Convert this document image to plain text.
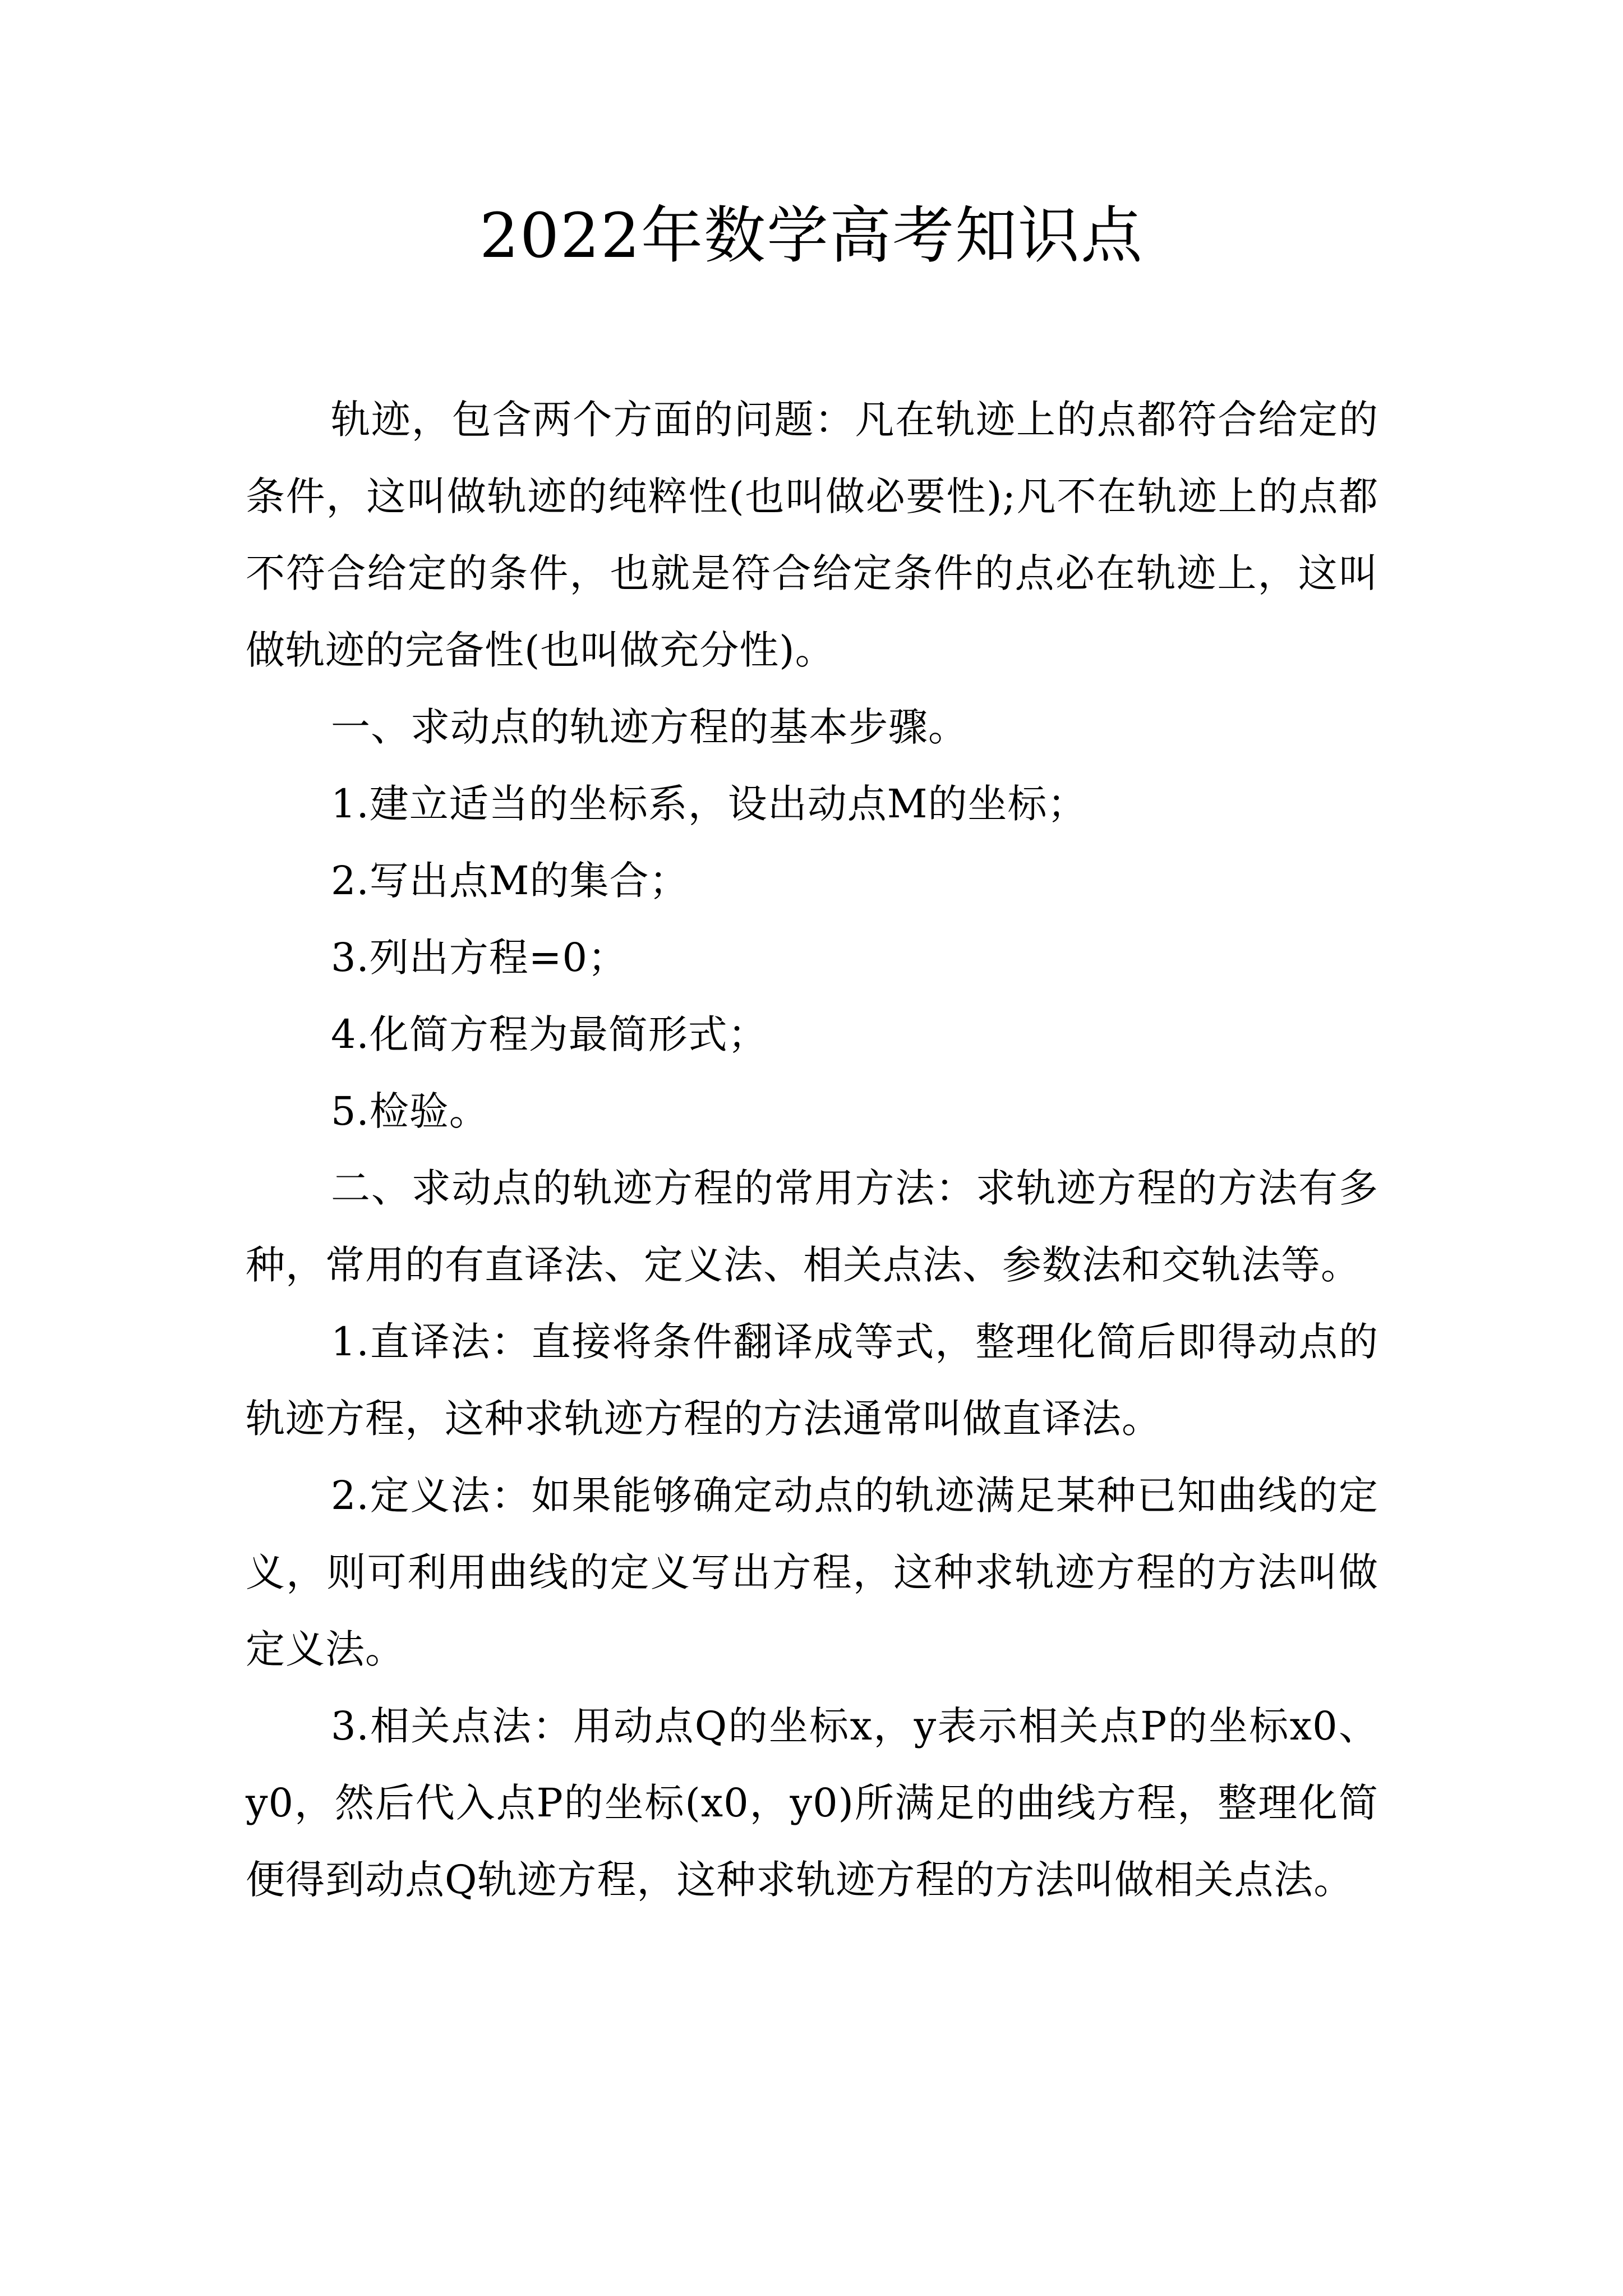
2022年数学高考知识点

轨迹，包含两个方面的问题：凡在轨迹上的点都符合给定的条件，这叫做轨迹的纯粹性(也叫做必要性);凡不在轨迹上的点都不符合给定的条件，也就是符合给定条件的点必在轨迹上，这叫做轨迹的完备性(也叫做充分性)。

一、求动点的轨迹方程的基本步骤。

1.建立适当的坐标系，设出动点M的坐标；

2.写出点M的集合；

3.列出方程=0；

4.化简方程为最简形式；

5.检验。

二、求动点的轨迹方程的常用方法：求轨迹方程的方法有多种，常用的有直译法、定义法、相关点法、参数法和交轨法等。

1.直译法：直接将条件翻译成等式，整理化简后即得动点的轨迹方程，这种求轨迹方程的方法通常叫做直译法。

2.定义法：如果能够确定动点的轨迹满足某种已知曲线的定义，则可利用曲线的定义写出方程，这种求轨迹方程的方法叫做定义法。

3.相关点法：用动点Q的坐标x，y表示相关点P的坐标x0、y0，然后代入点P的坐标(x0，y0)所满足的曲线方程，整理化简便得到动点Q轨迹方程，这种求轨迹方程的方法叫做相关点法。
